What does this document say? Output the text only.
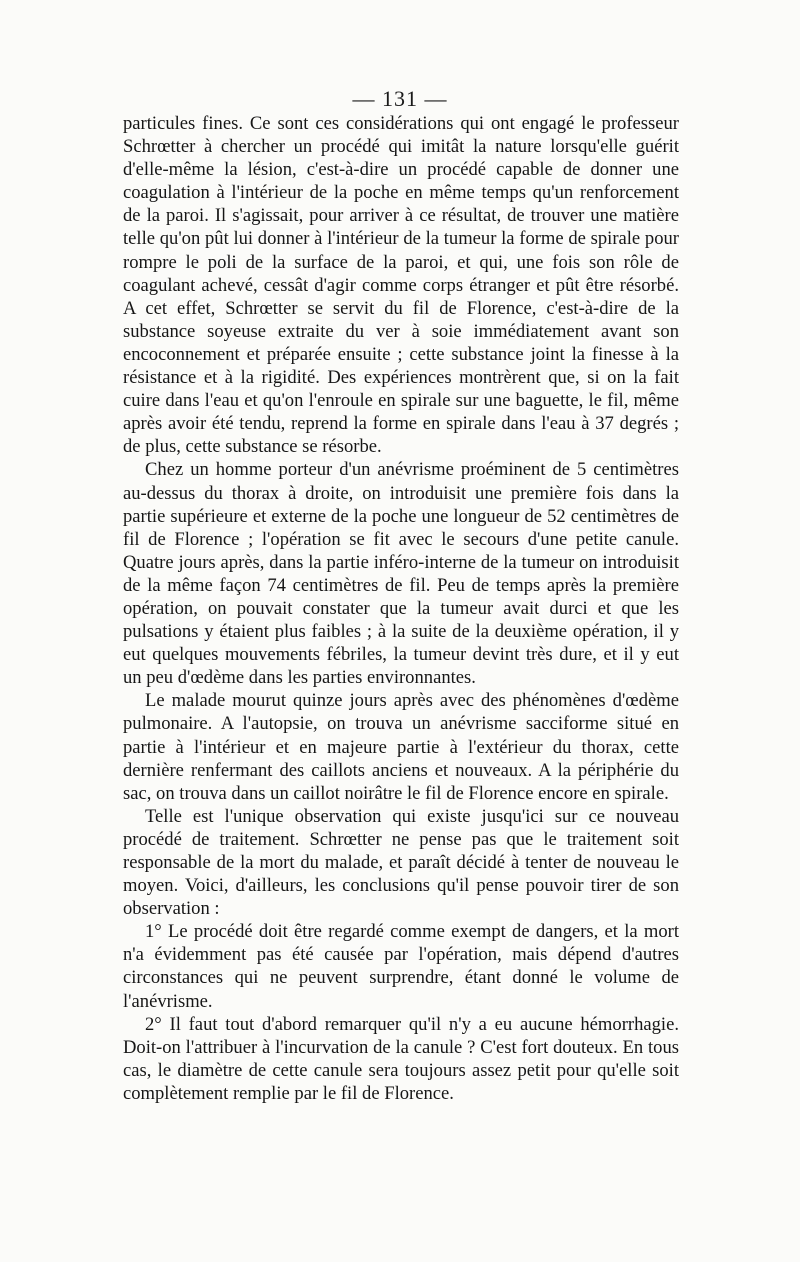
— 131 —

particules fines. Ce sont ces considérations qui ont engagé le professeur Schrœtter à chercher un procédé qui imitât la nature lorsqu'elle guérit d'elle-même la lésion, c'est-à-dire un procédé capable de donner une coagulation à l'intérieur de la poche en même temps qu'un renforcement de la paroi. Il s'agissait, pour arriver à ce résultat, de trouver une matière telle qu'on pût lui donner à l'intérieur de la tumeur la forme de spirale pour rompre le poli de la surface de la paroi, et qui, une fois son rôle de coagulant achevé, cessât d'agir comme corps étranger et pût être résorbé. A cet effet, Schrœtter se servit du fil de Florence, c'est-à-dire de la substance soyeuse extraite du ver à soie immédiatement avant son encoconnement et préparée ensuite ; cette substance joint la finesse à la résistance et à la rigidité. Des expériences montrèrent que, si on la fait cuire dans l'eau et qu'on l'enroule en spirale sur une baguette, le fil, même après avoir été tendu, reprend la forme en spirale dans l'eau à 37 degrés ; de plus, cette substance se résorbe.

Chez un homme porteur d'un anévrisme proéminent de 5 centimètres au-dessus du thorax à droite, on introduisit une première fois dans la partie supérieure et externe de la poche une longueur de 52 centimètres de fil de Florence ; l'opération se fit avec le secours d'une petite canule. Quatre jours après, dans la partie inféro-interne de la tumeur on introduisit de la même façon 74 centimètres de fil. Peu de temps après la première opération, on pouvait constater que la tumeur avait durci et que les pulsations y étaient plus faibles ; à la suite de la deuxième opération, il y eut quelques mouvements fébriles, la tumeur devint très dure, et il y eut un peu d'œdème dans les parties environnantes.

Le malade mourut quinze jours après avec des phénomènes d'œdème pulmonaire. A l'autopsie, on trouva un anévrisme sacciforme situé en partie à l'intérieur et en majeure partie à l'extérieur du thorax, cette dernière renfermant des caillots anciens et nouveaux. A la périphérie du sac, on trouva dans un caillot noirâtre le fil de Florence encore en spirale.

Telle est l'unique observation qui existe jusqu'ici sur ce nouveau procédé de traitement. Schrœtter ne pense pas que le traitement soit responsable de la mort du malade, et paraît décidé à tenter de nouveau le moyen. Voici, d'ailleurs, les conclusions qu'il pense pouvoir tirer de son observation :

1° Le procédé doit être regardé comme exempt de dangers, et la mort n'a évidemment pas été causée par l'opération, mais dépend d'autres circonstances qui ne peuvent surprendre, étant donné le volume de l'anévrisme.

2° Il faut tout d'abord remarquer qu'il n'y a eu aucune hémorrhagie. Doit-on l'attribuer à l'incurvation de la canule ? C'est fort douteux. En tous cas, le diamètre de cette canule sera toujours assez petit pour qu'elle soit complètement remplie par le fil de Florence.
